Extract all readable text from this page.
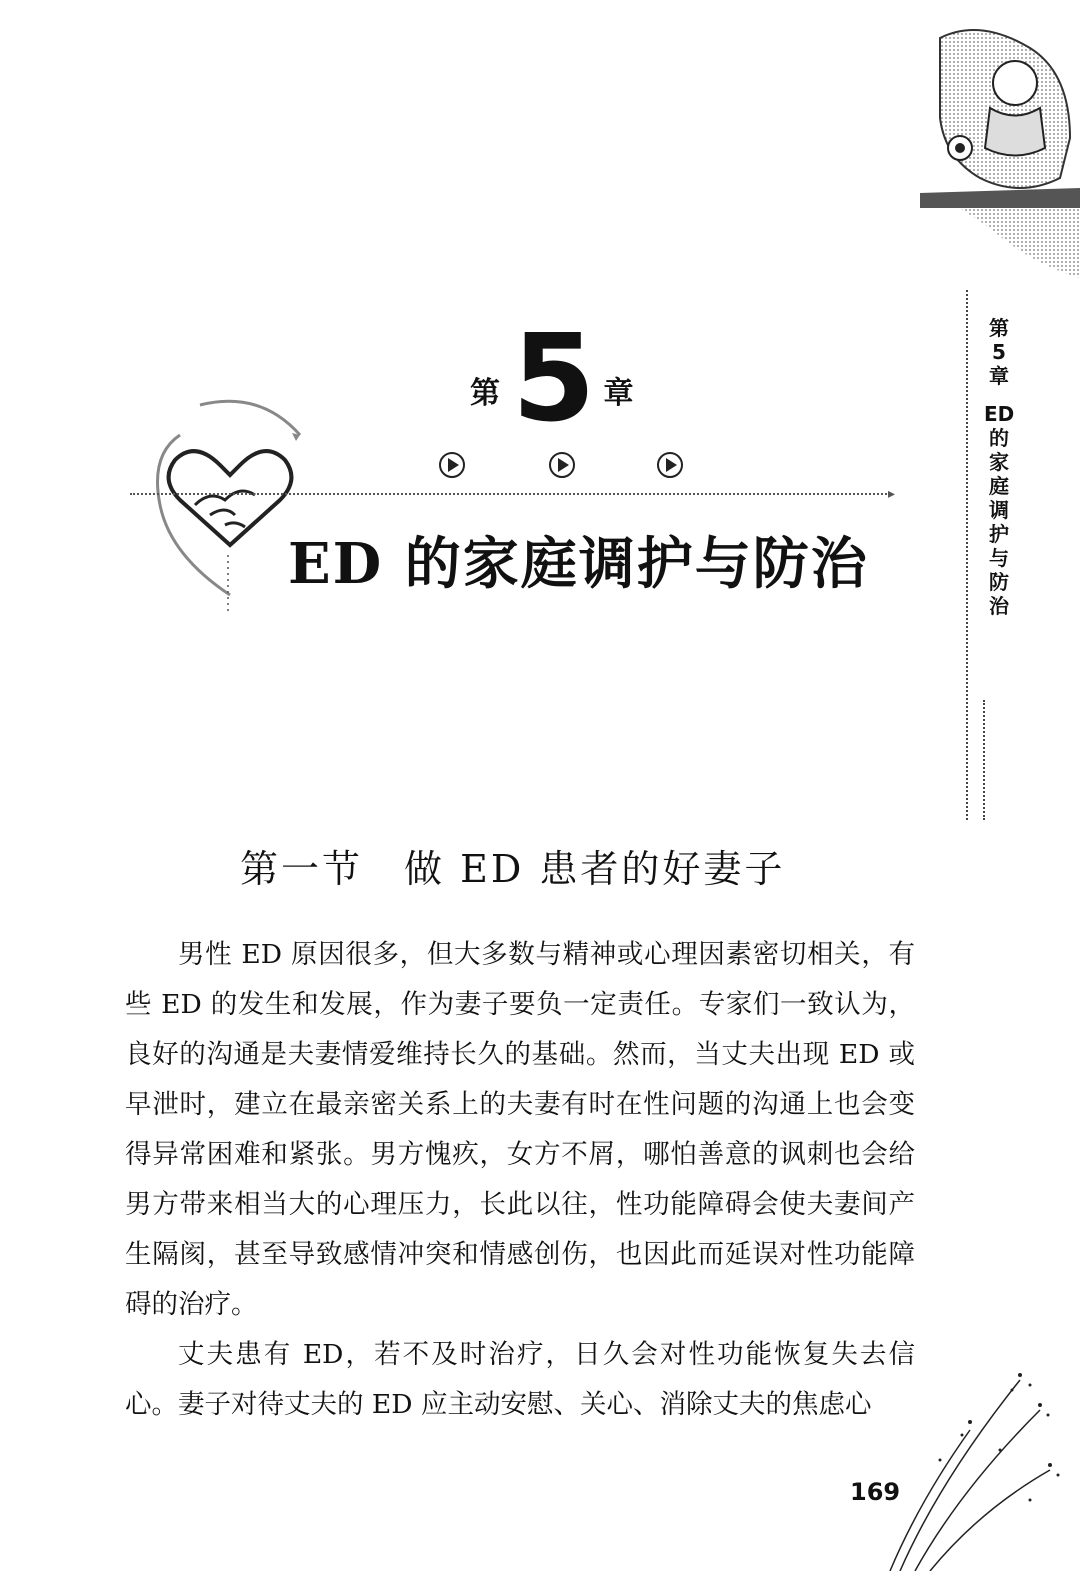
第
5
章
ED
的
家
庭
调
护
与
防
治
第 5 章
▸
ED 的家庭调护与防治
第一节　做 ED 患者的好妻子

男性 ED 原因很多，但大多数与精神或心理因素密切相关，有些 ED 的发生和发展，作为妻子要负一定责任。专家们一致认为，良好的沟通是夫妻情爱维持长久的基础。然而，当丈夫出现 ED 或早泄时，建立在最亲密关系上的夫妻有时在性问题的沟通上也会变得异常困难和紧张。男方愧疚，女方不屑，哪怕善意的讽刺也会给男方带来相当大的心理压力，长此以往，性功能障碍会使夫妻间产生隔阂，甚至导致感情冲突和情感创伤，也因此而延误对性功能障碍的治疗。

丈夫患有 ED，若不及时治疗，日久会对性功能恢复失去信心。妻子对待丈夫的 ED 应主动安慰、关心、消除丈夫的焦虑心

169
